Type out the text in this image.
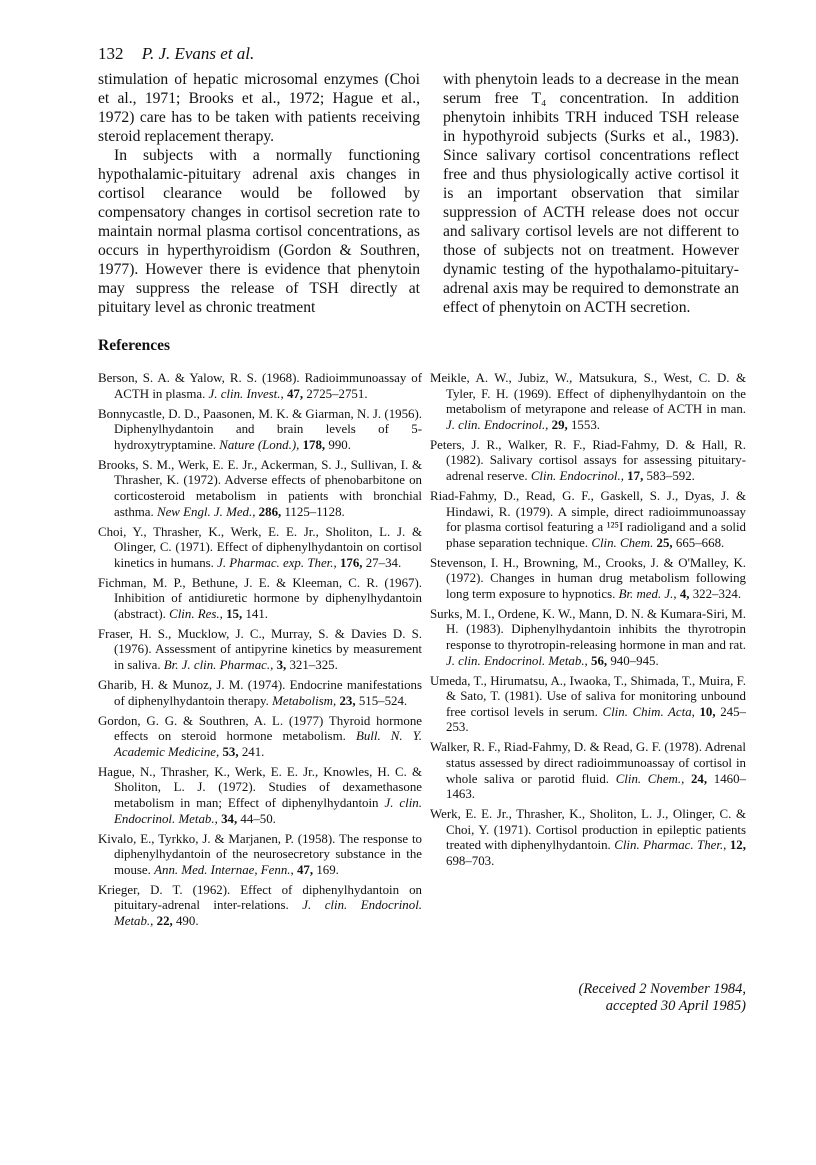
132 P. J. Evans et al.

stimulation of hepatic microsomal enzymes (Choi et al., 1971; Brooks et al., 1972; Hague et al., 1972) care has to be taken with patients receiving steroid replacement therapy.

In subjects with a normally functioning hypothalamic-pituitary adrenal axis changes in cortisol clearance would be followed by compensatory changes in cortisol secretion rate to maintain normal plasma cortisol concentrations, as occurs in hyperthyroidism (Gordon & Southren, 1977). However there is evidence that phenytoin may suppress the release of TSH directly at pituitary level as chronic treatment

with phenytoin leads to a decrease in the mean serum free T₄ concentration. In addition phenytoin inhibits TRH induced TSH release in hypothyroid subjects (Surks et al., 1983). Since salivary cortisol concentrations reflect free and thus physiologically active cortisol it is an important observation that similar suppression of ACTH release does not occur and salivary cortisol levels are not different to those of subjects not on treatment. However dynamic testing of the hypothalamo-pituitary-adrenal axis may be required to demonstrate an effect of phenytoin on ACTH secretion.

References

Berson, S. A. & Yalow, R. S. (1968). Radioimmunoassay of ACTH in plasma. J. clin. Invest., 47, 2725–2751.

Bonnycastle, D. D., Paasonen, M. K. & Giarman, N. J. (1956). Diphenylhydantoin and brain levels of 5-hydroxytryptamine. Nature (Lond.), 178, 990.

Brooks, S. M., Werk, E. E. Jr., Ackerman, S. J., Sullivan, I. & Thrasher, K. (1972). Adverse effects of phenobarbitone on corticosteroid metabolism in patients with bronchial asthma. New Engl. J. Med., 286, 1125–1128.

Choi, Y., Thrasher, K., Werk, E. E. Jr., Sholiton, L. J. & Olinger, C. (1971). Effect of diphenylhydantoin on cortisol kinetics in humans. J. Pharmac. exp. Ther., 176, 27–34.

Fichman, M. P., Bethune, J. E. & Kleeman, C. R. (1967). Inhibition of antidiuretic hormone by diphenylhydantoin (abstract). Clin. Res., 15, 141.

Fraser, H. S., Mucklow, J. C., Murray, S. & Davies D. S. (1976). Assessment of antipyrine kinetics by measurement in saliva. Br. J. clin. Pharmac., 3, 321–325.

Gharib, H. & Munoz, J. M. (1974). Endocrine manifestations of diphenylhydantoin therapy. Metabolism, 23, 515–524.

Gordon, G. G. & Southren, A. L. (1977) Thyroid hormone effects on steroid hormone metabolism. Bull. N. Y. Academic Medicine, 53, 241.

Hague, N., Thrasher, K., Werk, E. E. Jr., Knowles, H. C. & Sholiton, L. J. (1972). Studies of dexamethasone metabolism in man; Effect of diphenylhydantoin J. clin. Endocrinol. Metab., 34, 44–50.

Kivalo, E., Tyrkko, J. & Marjanen, P. (1958). The response to diphenylhydantoin of the neurosecretory substance in the mouse. Ann. Med. Internae, Fenn., 47, 169.

Krieger, D. T. (1962). Effect of diphenylhydantoin on pituitary-adrenal inter-relations. J. clin. Endocrinol. Metab., 22, 490.

Meikle, A. W., Jubiz, W., Matsukura, S., West, C. D. & Tyler, F. H. (1969). Effect of diphenylhydantoin on the metabolism of metyrapone and release of ACTH in man. J. clin. Endocrinol., 29, 1553.

Peters, J. R., Walker, R. F., Riad-Fahmy, D. & Hall, R. (1982). Salivary cortisol assays for assessing pituitary-adrenal reserve. Clin. Endocrinol., 17, 583–592.

Riad-Fahmy, D., Read, G. F., Gaskell, S. J., Dyas, J. & Hindawi, R. (1979). A simple, direct radioimmunoassay for plasma cortisol featuring a ¹²⁵I radioligand and a solid phase separation technique. Clin. Chem. 25, 665–668.

Stevenson, I. H., Browning, M., Crooks, J. & O'Malley, K. (1972). Changes in human drug metabolism following long term exposure to hypnotics. Br. med. J., 4, 322–324.

Surks, M. I., Ordene, K. W., Mann, D. N. & Kumara-Siri, M. H. (1983). Diphenylhydantoin inhibits the thyrotropin response to thyrotropin-releasing hormone in man and rat. J. clin. Endocrinol. Metab., 56, 940–945.

Umeda, T., Hirumatsu, A., Iwaoka, T., Shimada, T., Muira, F. & Sato, T. (1981). Use of saliva for monitoring unbound free cortisol levels in serum. Clin. Chim. Acta, 10, 245–253.

Walker, R. F., Riad-Fahmy, D. & Read, G. F. (1978). Adrenal status assessed by direct radioimmunoassay of cortisol in whole saliva or parotid fluid. Clin. Chem., 24, 1460–1463.

Werk, E. E. Jr., Thrasher, K., Sholiton, L. J., Olinger, C. & Choi, Y. (1971). Cortisol production in epileptic patients treated with diphenylhydantoin. Clin. Pharmac. Ther., 12, 698–703.

(Received 2 November 1984,
accepted 30 April 1985)
